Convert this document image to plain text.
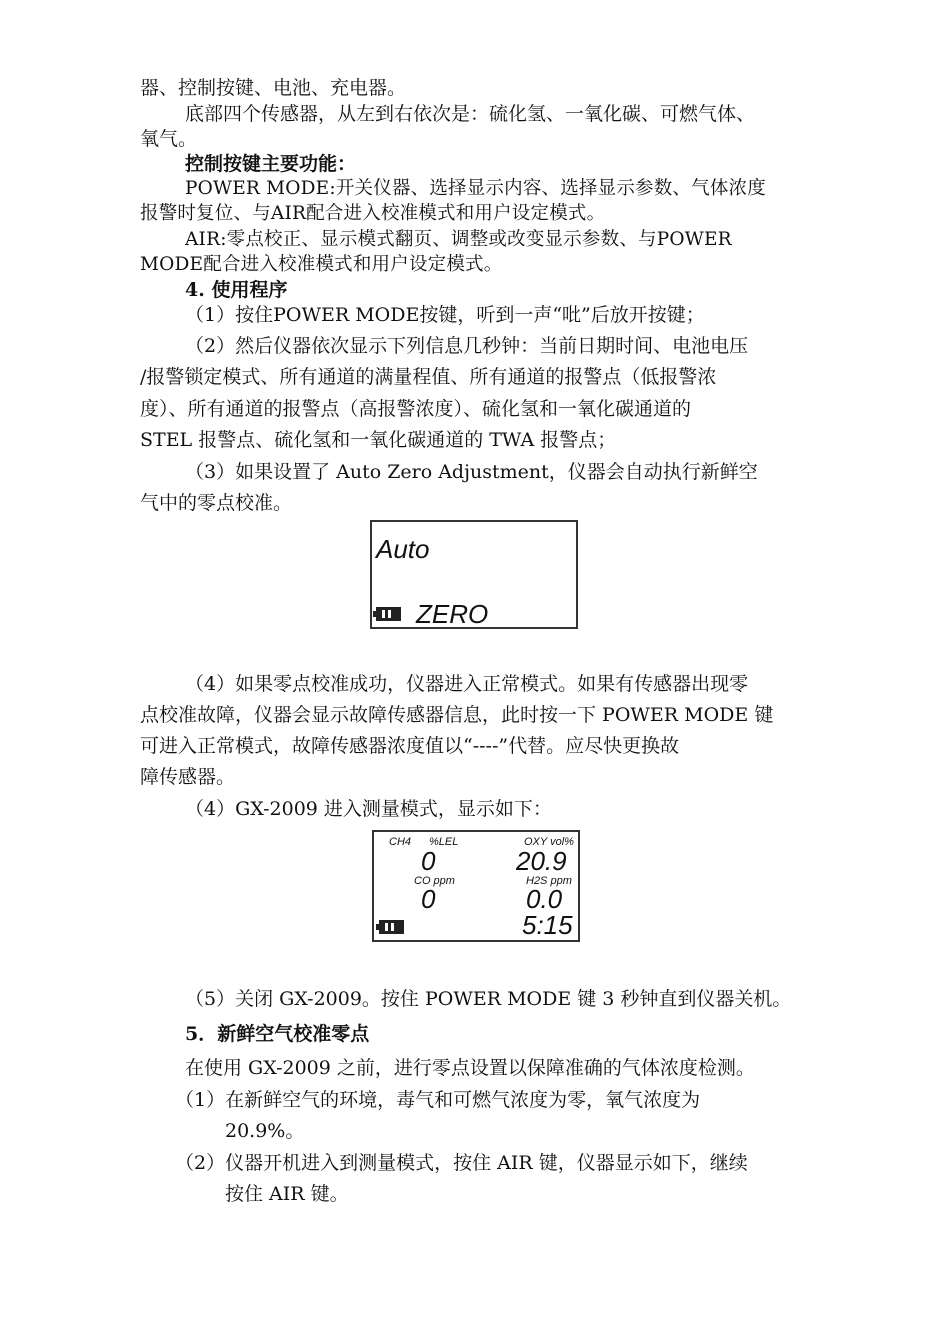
器、控制按键、电池、充电器。
底部四个传感器，从左到右依次是：硫化氢、一氧化碳、可燃气体、
氧气。
控制按键主要功能：
POWER MODE:开关仪器、选择显示内容、选择显示参数、气体浓度
报警时复位、与AIR配合进入校准模式和用户设定模式。
AIR:零点校正、显示模式翻页、调整或改变显示参数、与POWER
MODE配合进入校准模式和用户设定模式。
4. 使用程序
（1）按住POWER MODE按键，听到一声“吡”后放开按键；
（2）然后仪器依次显示下列信息几秒钟：当前日期时间、电池电压
/报警锁定模式、所有通道的满量程值、所有通道的报警点（低报警浓
度）、所有通道的报警点（高报警浓度）、硫化氢和一氧化碳通道的
STEL 报警点、硫化氢和一氧化碳通道的 TWA 报警点；
（3）如果设置了 Auto Zero Adjustment，仪器会自动执行新鲜空
气中的零点校准。
Auto
ZERO
（4）如果零点校准成功，仪器进入正常模式。如果有传感器出现零
点校准故障，仪器会显示故障传感器信息，此时按一下 POWER MODE 键
可进入正常模式，故障传感器浓度值以“----”代替。应尽快更换故
障传感器。
（4）GX-2009 进入测量模式，显示如下：
CH4 %LEL
0
OXY vol%
20.9
CO ppm
0
H2S ppm
0.0
5:15
（5）关闭 GX-2009。按住 POWER MODE 键 3 秒钟直到仪器关机。
5．新鲜空气校准零点
在使用 GX-2009 之前，进行零点设置以保障准确的气体浓度检测。
（1）在新鲜空气的环境，毒气和可燃气浓度为零，氧气浓度为
20.9%。
（2）仪器开机进入到测量模式，按住 AIR 键，仪器显示如下，继续
按住 AIR 键。
